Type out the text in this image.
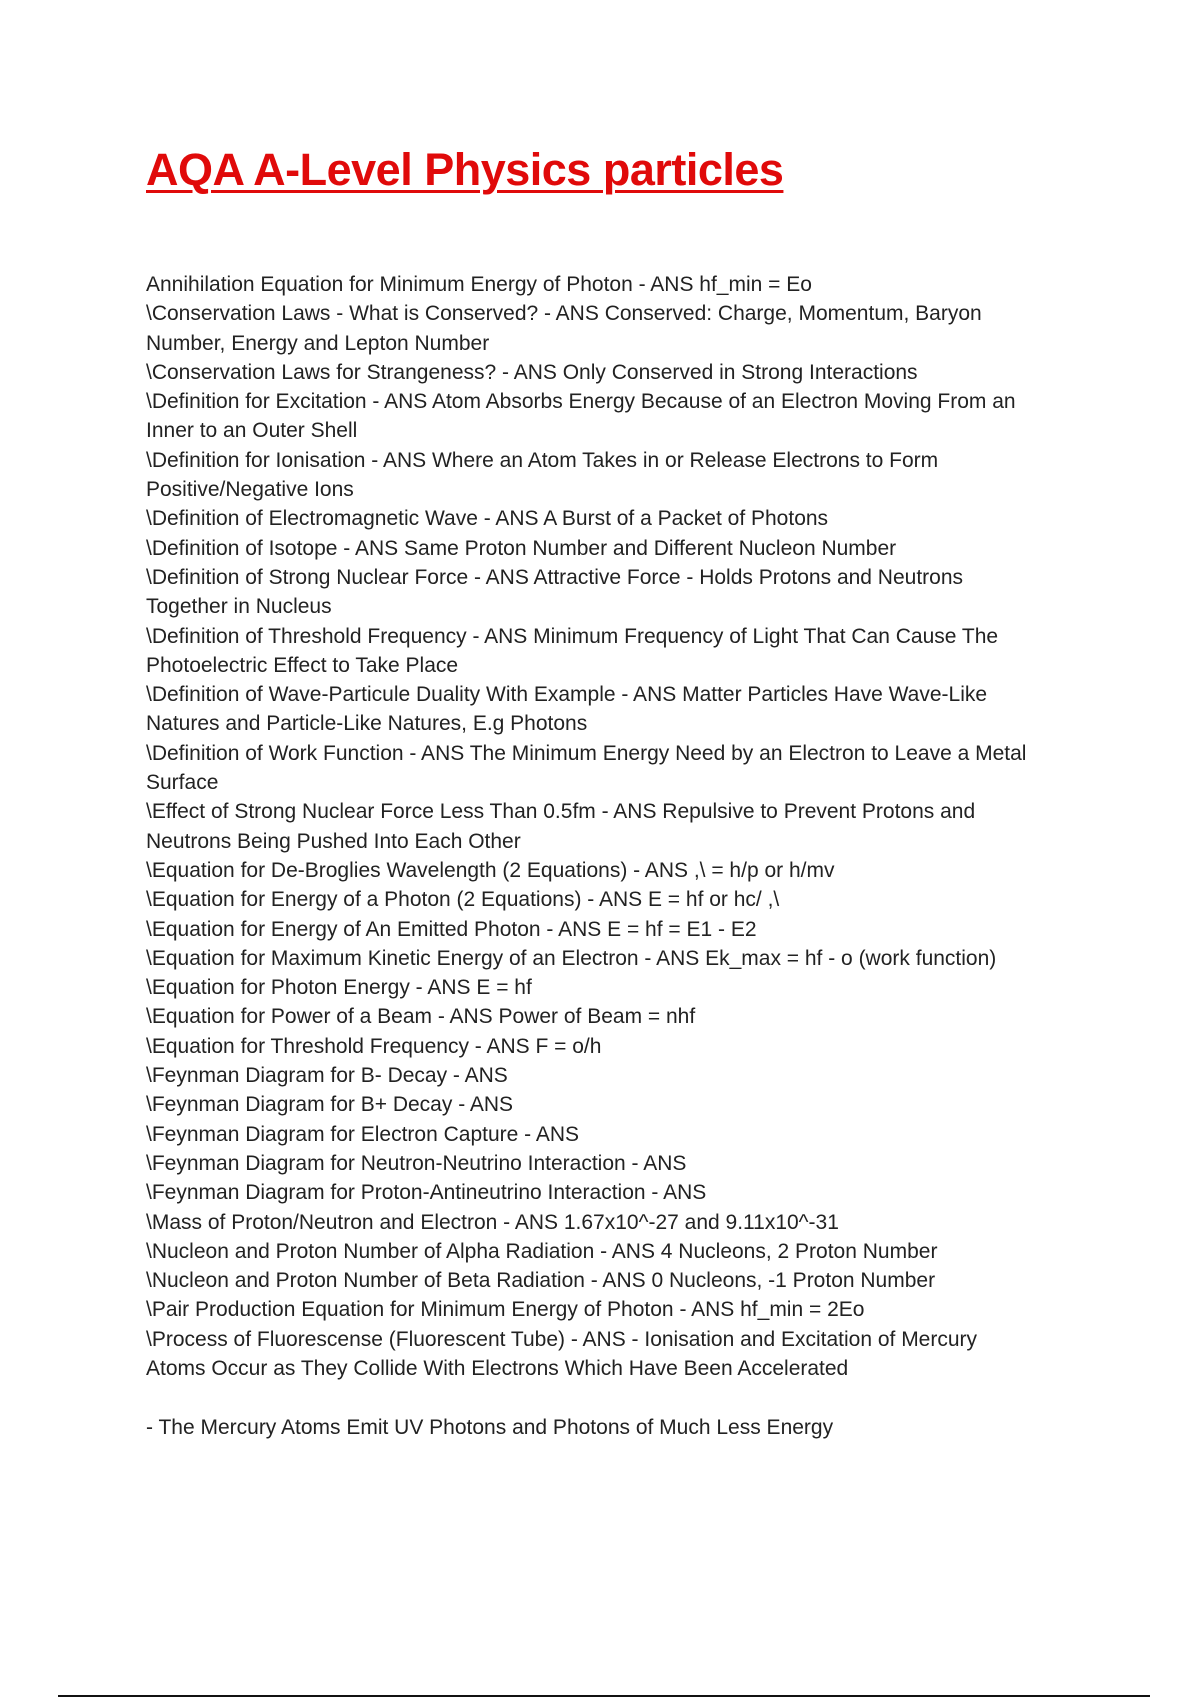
AQA A-Level Physics particles
Annihilation Equation for Minimum Energy of Photon - ANS hf_min = Eo
\Conservation Laws - What is Conserved? - ANS Conserved: Charge, Momentum, Baryon
Number, Energy and Lepton Number
\Conservation Laws for Strangeness? - ANS Only Conserved in Strong Interactions
\Definition for Excitation - ANS Atom Absorbs Energy Because of an Electron Moving From an
Inner to an Outer Shell
\Definition for Ionisation - ANS Where an Atom Takes in or Release Electrons to Form
Positive/Negative Ions
\Definition of Electromagnetic Wave - ANS A Burst of a Packet of Photons
\Definition of Isotope - ANS Same Proton Number and Different Nucleon Number
\Definition of Strong Nuclear Force - ANS Attractive Force - Holds Protons and Neutrons
Together in Nucleus
\Definition of Threshold Frequency - ANS Minimum Frequency of Light That Can Cause The
Photoelectric Effect to Take Place
\Definition of Wave-Particule Duality With Example - ANS Matter Particles Have Wave-Like
Natures and Particle-Like Natures, E.g Photons
\Definition of Work Function - ANS The Minimum Energy Need by an Electron to Leave a Metal
Surface
\Effect of Strong Nuclear Force Less Than 0.5fm - ANS Repulsive to Prevent Protons and
Neutrons Being Pushed Into Each Other
\Equation for De-Broglies Wavelength (2 Equations) - ANS ,\ = h/p or h/mv
\Equation for Energy of a Photon (2 Equations) - ANS E = hf or hc/ ,\
\Equation for Energy of An Emitted Photon - ANS E = hf = E1 - E2
\Equation for Maximum Kinetic Energy of an Electron - ANS Ek_max = hf - o (work function)
\Equation for Photon Energy - ANS E = hf
\Equation for Power of a Beam - ANS Power of Beam = nhf
\Equation for Threshold Frequency - ANS F = o/h
\Feynman Diagram for B- Decay - ANS
\Feynman Diagram for B+ Decay - ANS
\Feynman Diagram for Electron Capture - ANS
\Feynman Diagram for Neutron-Neutrino Interaction - ANS
\Feynman Diagram for Proton-Antineutrino Interaction - ANS
\Mass of Proton/Neutron and Electron - ANS 1.67x10^-27 and 9.11x10^-31
\Nucleon and Proton Number of Alpha Radiation - ANS 4 Nucleons, 2 Proton Number
\Nucleon and Proton Number of Beta Radiation - ANS 0 Nucleons, -1 Proton Number
\Pair Production Equation for Minimum Energy of Photon - ANS hf_min = 2Eo
\Process of Fluorescense (Fluorescent Tube) - ANS - Ionisation and Excitation of Mercury
Atoms Occur as They Collide With Electrons Which Have Been Accelerated
- The Mercury Atoms Emit UV Photons and Photons of Much Less Energy
